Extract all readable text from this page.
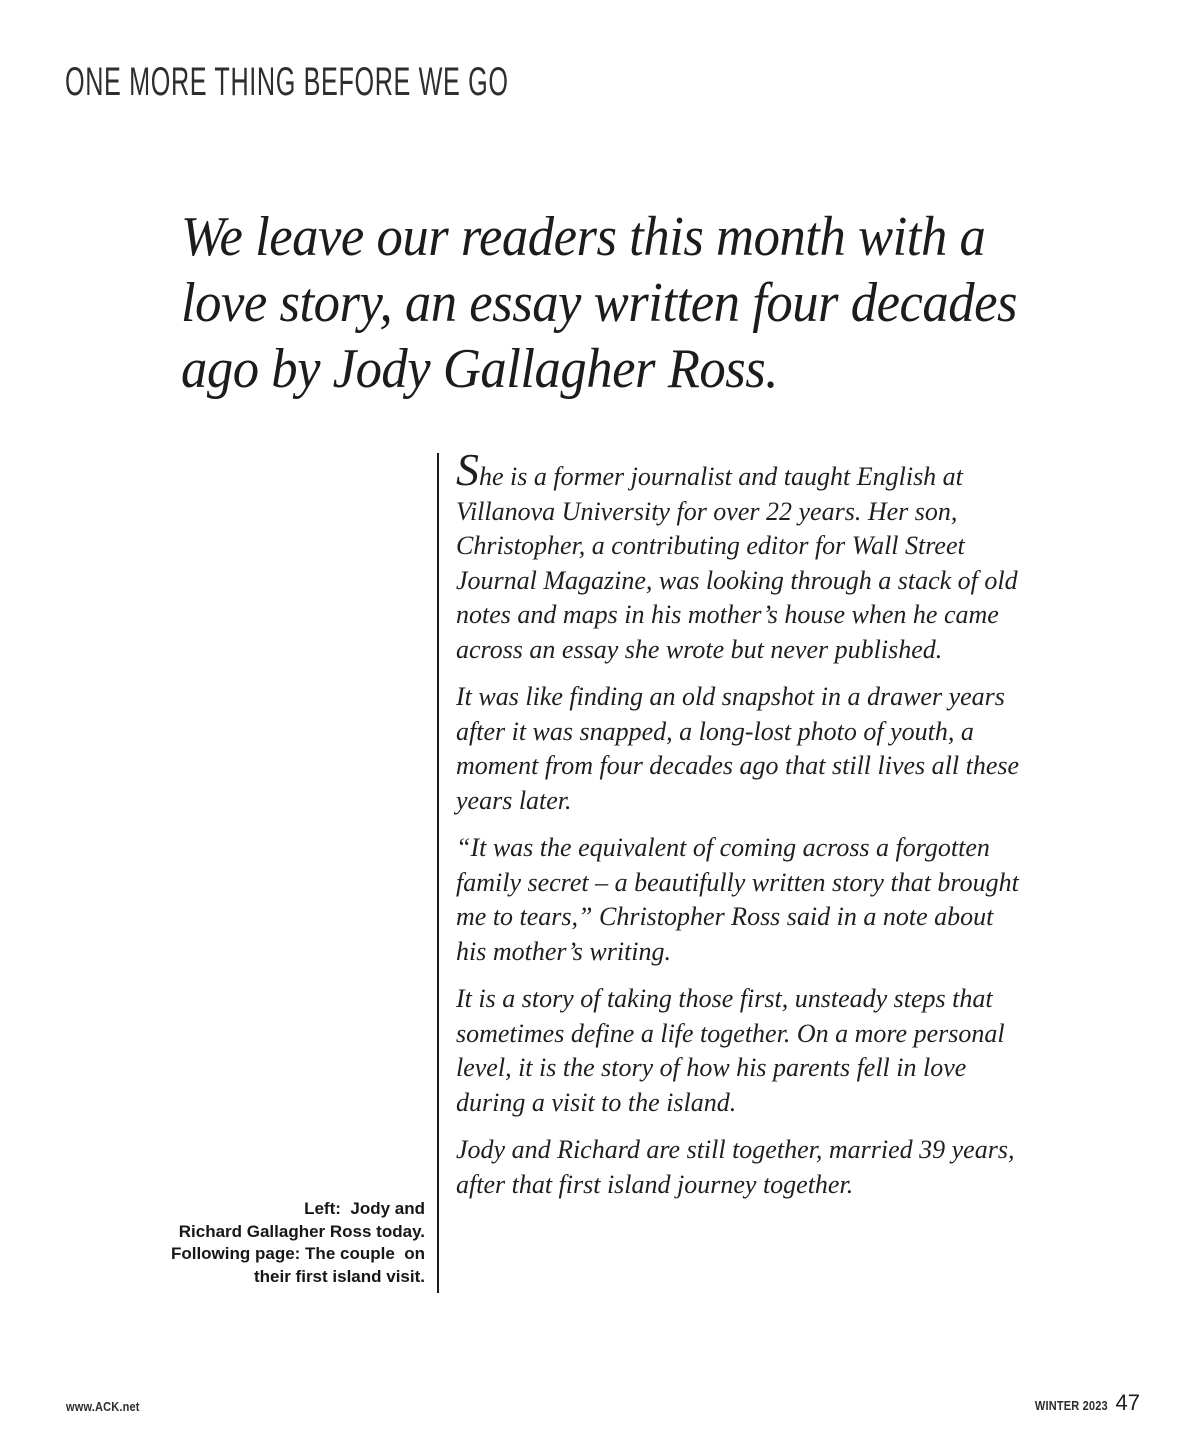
ONE MORE THING BEFORE WE GO
We leave our readers this month with a
love story, an essay written four decades
ago by Jody Gallagher Ross.

She is a former journalist and taught English at
Villanova University for over 22 years. Her son,
Christopher, a contributing editor for Wall Street
Journal Magazine, was looking through a stack of old
notes and maps in his mother’s house when he came
across an essay she wrote but never published.

It was like finding an old snapshot in a drawer years
after it was snapped, a long-lost photo of youth, a
moment from four decades ago that still lives all these
years later.

“It was the equivalent of coming across a forgotten
family secret – a beautifully written story that brought
me to tears,” Christopher Ross said in a note about
his mother’s writing.

It is a story of taking those first, unsteady steps that
sometimes define a life together. On a more personal
level, it is the story of how his parents fell in love
during a visit to the island.

Jody and Richard are still together, married 39 years,
after that first island journey together.

Left:  Jody and
Richard Gallagher Ross today.
Following page: The couple  on
their first island visit.
www.ACK.net	WINTER 2023 47
